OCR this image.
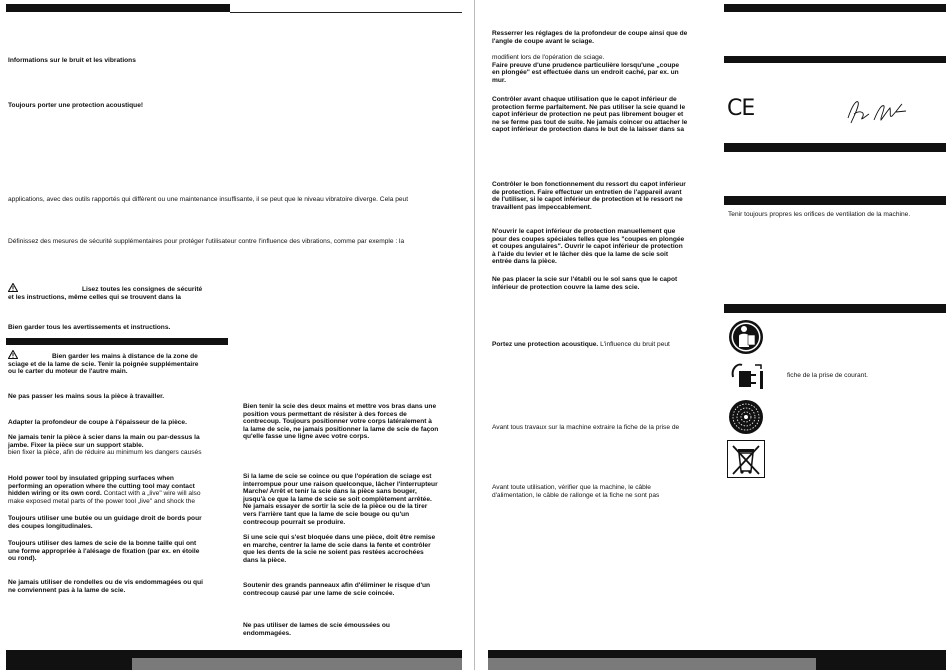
Informations sur le bruit et les vibrations
Toujours porter une protection acoustique!
applications, avec des outils rapportés qui diffèrent ou une maintenance insuffisante, il se peut que le niveau vibratoire diverge. Cela peut
Définissez des mesures de sécurité supplémentaires pour protéger l'utilisateur contre l'influence des vibrations, comme par exemple : la
Lisez toutes les consignes de sécurité
et les instructions, même celles qui se trouvent dans la
Bien garder tous les avertissements et instructions.
Bien garder les mains à distance de la zone de
sciage et de la lame de scie. Tenir la poignée supplémentaire
ou le carter du moteur de l'autre main.
Ne pas passer les mains sous la pièce à travailler.
Adapter la profondeur de coupe à l'épaisseur de la pièce.
Ne jamais tenir la pièce à scier dans la main ou par-dessus la
jambe. Fixer la pièce sur un support stable.
bien fixer la pièce, afin de réduire au minimum les dangers causés
Hold power tool by insulated gripping surfaces when
performing an operation where the cutting tool may contact
hidden wiring or its own cord. Contact with a „live" wire will also
make exposed metal parts of the power tool „live" and shock the
Toujours utiliser une butée ou un guidage droit de bords pour
des coupes longitudinales.
Toujours utiliser des lames de scie de la bonne taille qui ont
une forme appropriée à l'alésage de fixation (par ex. en étoile
ou rond).
Ne jamais utiliser de rondelles ou de vis endommagées ou qui
ne conviennent pas à la lame de scie.
Bien tenir la scie des deux mains et mettre vos bras dans une
position vous permettant de résister à des forces de
contrecoup. Toujours positionner votre corps latéralement à
la lame de scie, ne jamais positionner la lame de scie de façon
qu'elle fasse une ligne avec votre corps.
Si la lame de scie se coince ou que l'opération de sciage est
interrompue pour une raison quelconque, lâcher l'interrupteur
Marche/ Arrêt et tenir la scie dans la pièce sans bouger,
jusqu'à ce que la lame de scie se soit complètement arrêtée.
Ne jamais essayer de sortir la scie de la pièce ou de la tirer
vers l'arrière tant que la lame de scie bouge ou qu'un
contrecoup pourrait se produire.
Si une scie qui s'est bloquée dans une pièce, doit être remise
en marche, centrer la lame de scie dans la fente et contrôler
que les dents de la scie ne soient pas restées accrochées
dans la pièce.
Soutenir des grands panneaux afin d'éliminer le risque d'un
contrecoup causé par une lame de scie coincée.
Ne pas utiliser de lames de scie émoussées ou
endommagées.
Resserrer les réglages de la profondeur de coupe ainsi que de
l'angle de coupe avant le sciage.
modifient lors de l'opération de sciage.
Faire preuve d'une prudence particulière lorsqu'une „coupe
en plongée" est effectuée dans un endroit caché, par ex. un
mur.
Contrôler avant chaque utilisation que le capot inférieur de
protection ferme parfaitement. Ne pas utiliser la scie quand le
capot inférieur de protection ne peut pas librement bouger et
ne se ferme pas tout de suite. Ne jamais coincer ou attacher le
capot inférieur de protection dans le but de la laisser dans sa
Contrôler le bon fonctionnement du ressort du capot inférieur
de protection. Faire effectuer un entretien de l'appareil avant
de l'utiliser, si le capot inférieur de protection et le ressort ne
travaillent pas impeccablement.
N'ouvrir le capot inférieur de protection manuellement que
pour des coupes spéciales telles que les "coupes en plongée
et coupes angulaires". Ouvrir le capot inférieur de protection
à l'aide du levier et le lâcher dès que la lame de scie soit
entrée dans la pièce.
Ne pas placer la scie sur l'établi ou le sol sans que le capot
inférieur de protection couvre la lame des scie.
Portez une protection acoustique. L'influence du bruit peut
Avant tous travaux sur la machine extraire la fiche de la prise de
Avant toute utilisation, vérifier que la machine, le câble
d'alimentation, le câble de rallonge et la fiche ne sont pas
CE
Tenir toujours propres les orifices de ventilation de la machine.
fiche de la prise de courant.
